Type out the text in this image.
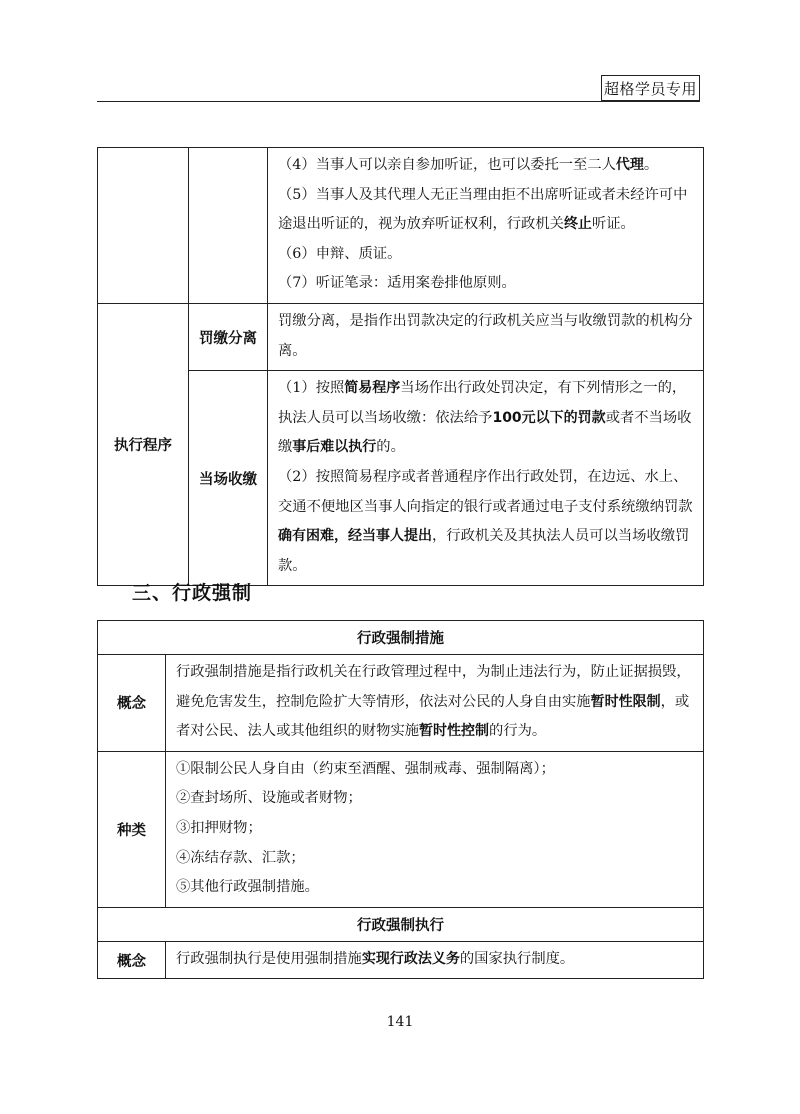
超格学员专用

		（4）当事人可以亲自参加听证，也可以委托一至二人代理。

（5）当事人及其代理人无正当理由拒不出席听证或者未经许可中途退出听证的，视为放弃听证权利，行政机关终止听证。

（6）申辩、质证。

（7）听证笔录：适用案卷排他原则。

执行程序	罚缴分离	罚缴分离，是指作出罚款决定的行政机关应当与收缴罚款的机构分离。
	当场收缴	（1）按照简易程序当场作出行政处罚决定，有下列情形之一的，执法人员可以当场收缴：依法给予100元以下的罚款或者不当场收缴事后难以执行的。

（2）按照简易程序或者普通程序作出行政处罚，在边远、水上、交通不便地区当事人向指定的银行或者通过电子支付系统缴纳罚款确有困难，经当事人提出，行政机关及其执法人员可以当场收缴罚款。

三、行政强制
行政强制措施	
概念	行政强制措施是指行政机关在行政管理过程中，为制止违法行为，防止证据损毁，避免危害发生，控制危险扩大等情形，依法对公民的人身自由实施暂时性限制，或者对公民、法人或其他组织的财物实施暂时性控制的行为。
种类	①限制公民人身自由（约束至酒醒、强制戒毒、强制隔离）；

②查封场所、设施或者财物；

③扣押财物；

④冻结存款、汇款；

⑤其他行政强制措施。

行政强制执行	
概念	行政强制执行是使用强制措施实现行政法义务的国家执行制度。
141
